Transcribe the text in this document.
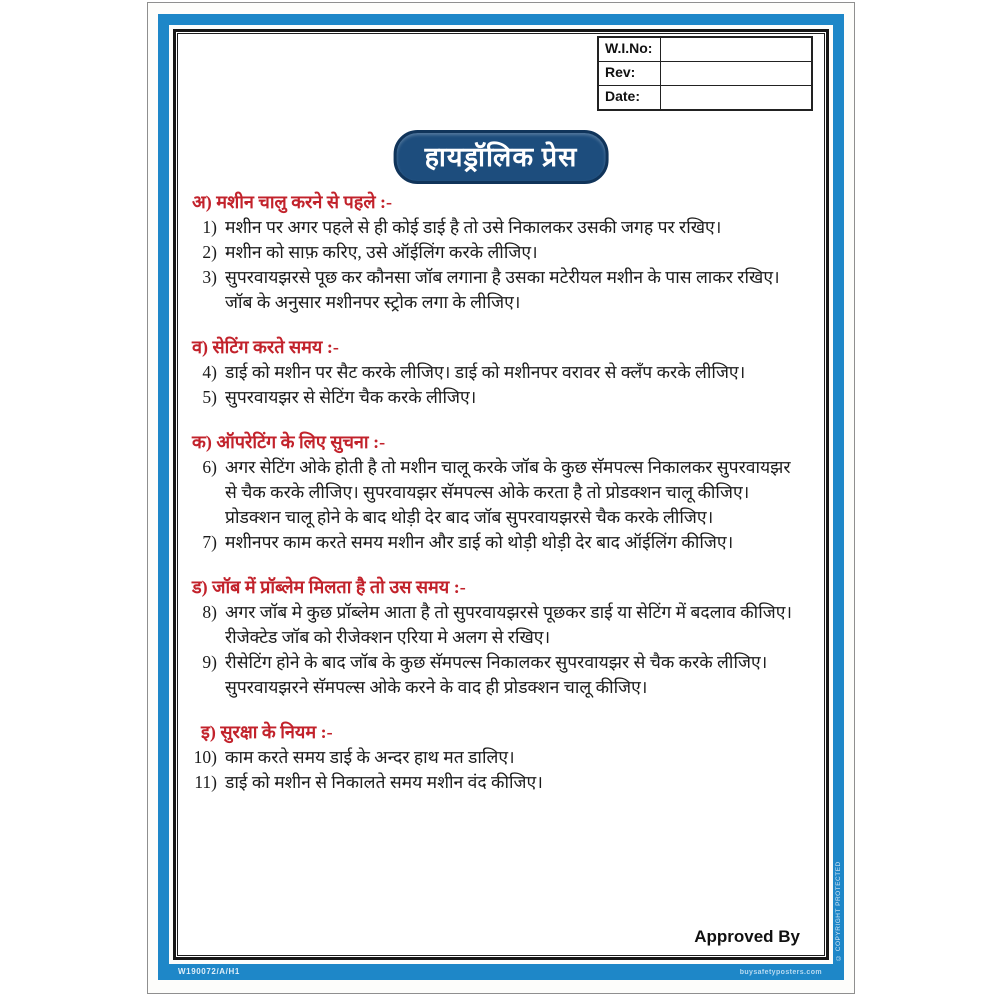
W.I.No:
Rev:
Date:
हायड्रॉलिक प्रेस
अ) मशीन चालु करने से पहले :-
1) मशीन पर अगर पहले से ही कोई डाई है तो उसे निकालकर उसकी जगह पर रखिए।
2) मशीन को साफ़ करिए, उसे ऑईलिंग करके लीजिए।
3) सुपरवायझरसे पूछ कर कौनसा जॉब लगाना है उसका मटेरीयल मशीन के पास लाकर रखिए। जॉब के अनुसार मशीनपर स्ट्रोक लगा के लीजिए।
व) सेटिंग करते समय :-
4) डाई को मशीन पर सैट करके लीजिए। डाई को मशीनपर वरावर से क्लँप करके लीजिए।
5) सुपरवायझर से सेटिंग चैक करके लीजिए।
क) ऑपरेटिंग के लिए सुचना :-
6) अगर सेटिंग ओके होती है तो मशीन चालू करके जॉब के कुछ सॅमपल्स निकालकर सुपरवायझर से चैक करके लीजिए। सुपरवायझर सॅमपल्स ओके करता है तो प्रोडक्शन चालू कीजिए। प्रोडक्शन चालू होने के बाद थोड़ी देर बाद जॉब सुपरवायझरसे चैक करके लीजिए।
7) मशीनपर काम करते समय मशीन और डाई को थोड़ी थोड़ी देर बाद ऑईलिंग कीजिए।
ड) जॉब में प्रॉब्लेम मिलता है तो उस समय :-
8) अगर जॉब मे कुछ प्रॉब्लेम आता है तो सुपरवायझरसे पूछकर डाई या सेटिंग में बदलाव कीजिए। रीजेक्टेड जॉब को रीजेक्शन एरिया मे अलग से रखिए।
9) रीसेटिंग होने के बाद जॉब के कुछ सॅमपल्स निकालकर सुपरवायझर से चैक करके लीजिए। सुपरवायझरने सॅमपल्स ओके करने के वाद ही प्रोडक्शन चालू कीजिए।
इ) सुरक्षा के नियम :-
10) काम करते समय डाई के अन्दर हाथ मत डालिए।
11) डाई को मशीन से निकालते समय मशीन वंद कीजिए।
Approved By
W190072/A/H1	buysafetyposters.com
© COPYRIGHT PROTECTED
